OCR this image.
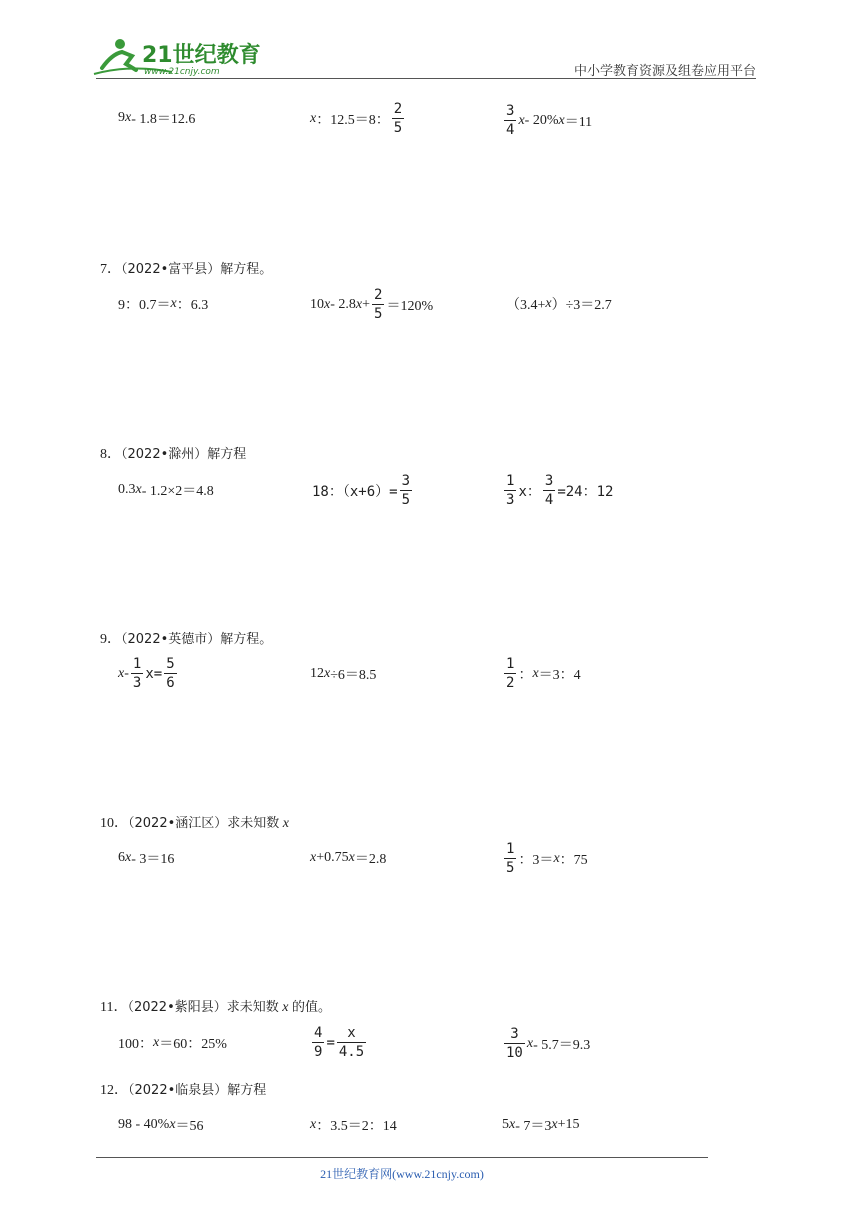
21世纪教育
www.21cnjy.com	中小学教育资源及组卷应用平台
9 x - 1.8＝12.6	x ：12.5＝8： $\frac{2}{5}$	$\frac{3}{4}$ x - 20% x ＝11
7．（2022•富平县）解方程。
9：0.7＝ x ：6.3	10 x - 2.8 $x + \frac{2}{5} =120\%$	（3.4+ x ）÷3＝2.7
8．（2022•滁州）解方程
0.3 x - 1.2×2＝4.8	18：$(x+6)= \frac{3}{5}$	$\frac{1}{3}$ x： $\frac{3}{4} =24$：12
9．（2022•英德市）解方程。
$x - \frac{1}{3} x= \frac{5}{6}$	12 x ÷6＝8.5	$\frac{1}{2}$ ： x ＝3：4
10．（2022•涵江区）求未知数 x
6 x - 3＝16	x +0.75 x ＝2.8	$\frac{1}{5}$ ：3＝ x ：75
11．（2022•紫阳县）求未知数 x 的值。
100： x ＝60：25%	$\frac{4}{9} = \frac{x}{4.5}$	$\frac{3}{10}$ x - 5.7＝9.3
12．（2022•临泉县）解方程
98 - 40% x ＝56	x ：3.5＝2：14	5 x - 7＝3 x +15
21世纪教育网(www.21cnjy.com)
